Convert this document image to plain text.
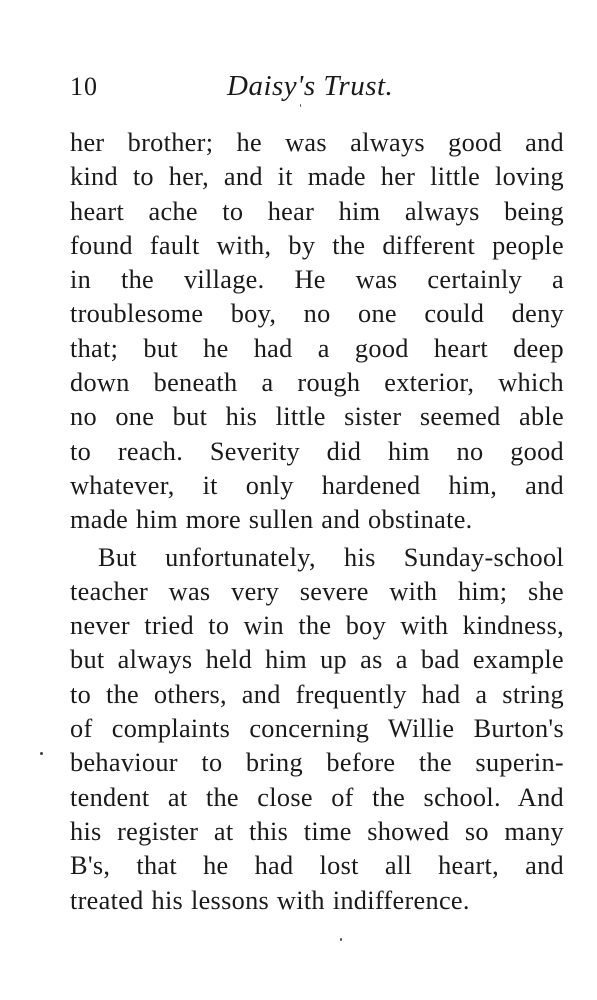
10	Daisy's Trust.
her brother; he was always good and
kind to her, and it made her little loving
heart ache to hear him always being
found fault with, by the different people
in the village. He was certainly a
troublesome boy, no one could deny
that; but he had a good heart deep
down beneath a rough exterior, which
no one but his little sister seemed able
to reach. Severity did him no good
whatever, it only hardened him, and
made him more sullen and obstinate.
But unfortunately, his Sunday-school
teacher was very severe with him; she
never tried to win the boy with kindness,
but always held him up as a bad example
to the others, and frequently had a string
of complaints concerning Willie Burton's
behaviour to bring before the superin-
tendent at the close of the school. And
his register at this time showed so many
B's, that he had lost all heart, and
treated his lessons with indifference.
